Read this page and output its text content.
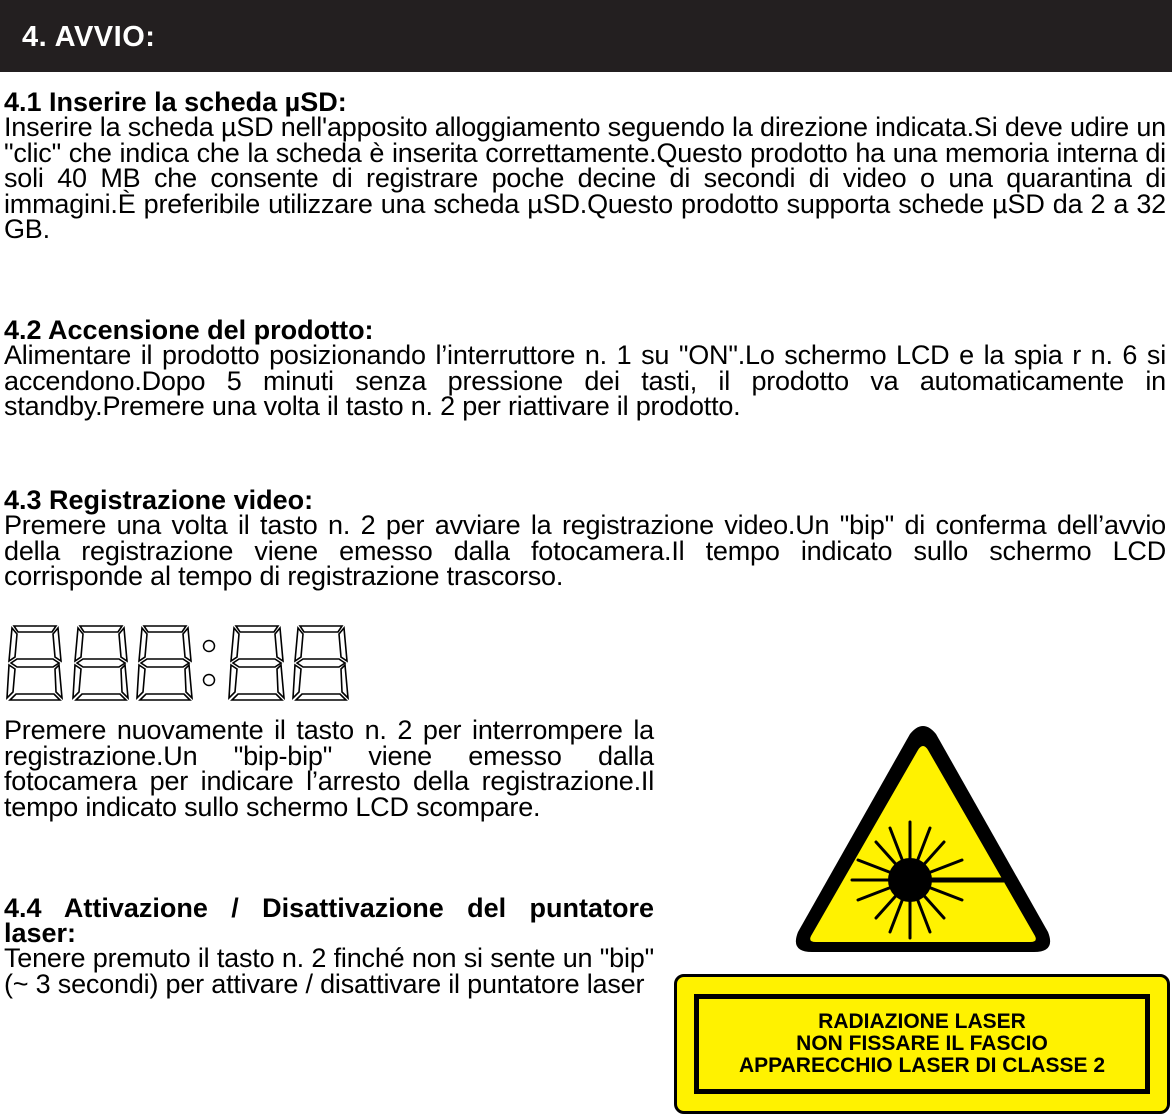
4. AVVIO:

4.1 Inserire la scheda µSD:

Inserire la scheda µSD nell'apposito alloggiamento seguendo la direzione indicata.Si deve udire un "clic" che indica che la scheda è inserita correttamente.Questo prodotto ha una memoria interna di soli 40 MB che consente di registrare poche decine di secondi di video o una quarantina di immagini.È preferibile utilizzare una scheda µSD.Questo prodotto supporta schede µSD da 2 a 32 GB.

4.2 Accensione del prodotto:

Alimentare il prodotto posizionando l’interruttore n. 1 su "ON".Lo schermo LCD e la spia r n. 6 si accendono.Dopo 5 minuti senza pressione dei tasti, il prodotto va automaticamente in standby.Premere una volta il tasto n. 2 per riattivare il prodotto.

4.3 Registrazione video:

Premere una volta il tasto n. 2 per avviare la registrazione video.Un "bip" di conferma dell’avvio della registrazione viene emesso dalla fotocamera.Il tempo indicato sullo schermo LCD corrisponde al tempo di registrazione trascorso.

Premere nuovamente il tasto n. 2 per interrompere la registrazione.Un "bip-bip" viene emesso dalla fotocamera per indicare l’arresto della registrazione.Il tempo indicato sullo schermo LCD scompare.

4.4 Attivazione / Disattivazione del puntatore laser:

Tenere premuto il tasto n. 2 finché non si sente un "bip" (~ 3 secondi) per attivare / disattivare il puntatore laser

RADIAZIONE LASER
NON FISSARE IL FASCIO
APPARECCHIO LASER DI CLASSE 2
